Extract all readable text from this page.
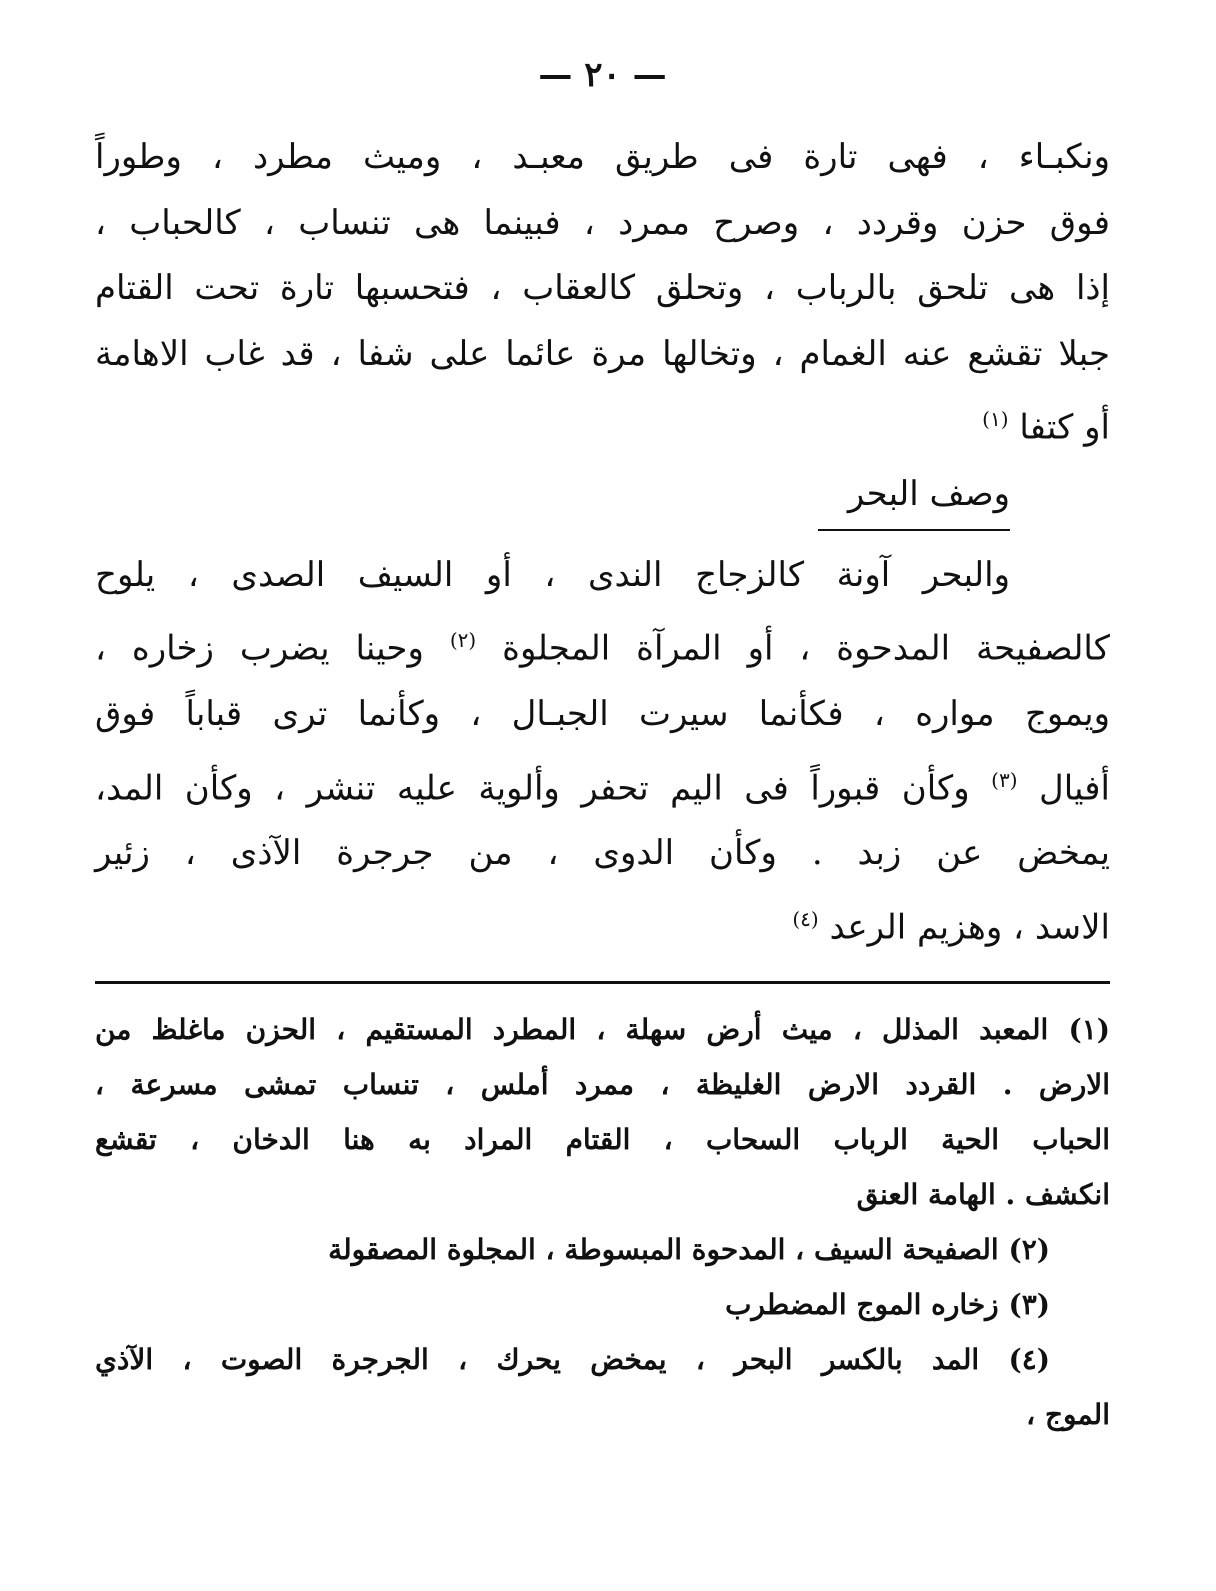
— ٢٠ —
ونكبـاء ، فهى تارة فى طريق معبـد ، وميث مطرد ، وطوراً
فوق حزن وقردد ، وصرح ممرد ، فبينما هى تنساب ، كالحباب ،
إذا هى تلحق بالرباب ، وتحلق كالعقاب ، فتحسبها تارة تحت القتام
جبلا تقشع عنه الغمام ، وتخالها مرة عائما على شفا ، قد غاب الاهامة
أو كتفا $^{(١)}$
وصف البحر
والبحر آونة كالزجاج الندى ، أو السيف الصدى ، يلوح
كالصفيحة المدحوة ، أو المرآة المجلوة $^{(٢)}$ وحينا يضرب زخاره ،
ويموج مواره ، فكأنما سيرت الجبـال ، وكأنما ترى قباباً فوق
أفيال $^{(٣)}$ وكأن قبوراً فى اليم تحفر وألوية عليه تنشر ، وكأن المد،
يمخض عن زبد . وكأن الدوى ، من جرجرة الآذى ، زئير
الاسد ، وهزيم الرعد $^{(٤)}$
(١) المعبد المذلل ، ميث أرض سهلة ، المطرد المستقيم ، الحزن ماغلظ من
الارض . القردد الارض الغليظة ، ممرد أملس ، تنساب تمشى مسرعة ،
الحباب الحية الرباب السحاب ، القتام المراد به هنا الدخان ، تقشع
انكشف . الهامة العنق
(٢) الصفيحة السيف ، المدحوة المبسوطة ، المجلوة المصقولة
(٣) زخاره الموج المضطرب
(٤) المد بالكسر البحر ، يمخض يحرك ، الجرجرة الصوت ، الآذي
الموج ،
